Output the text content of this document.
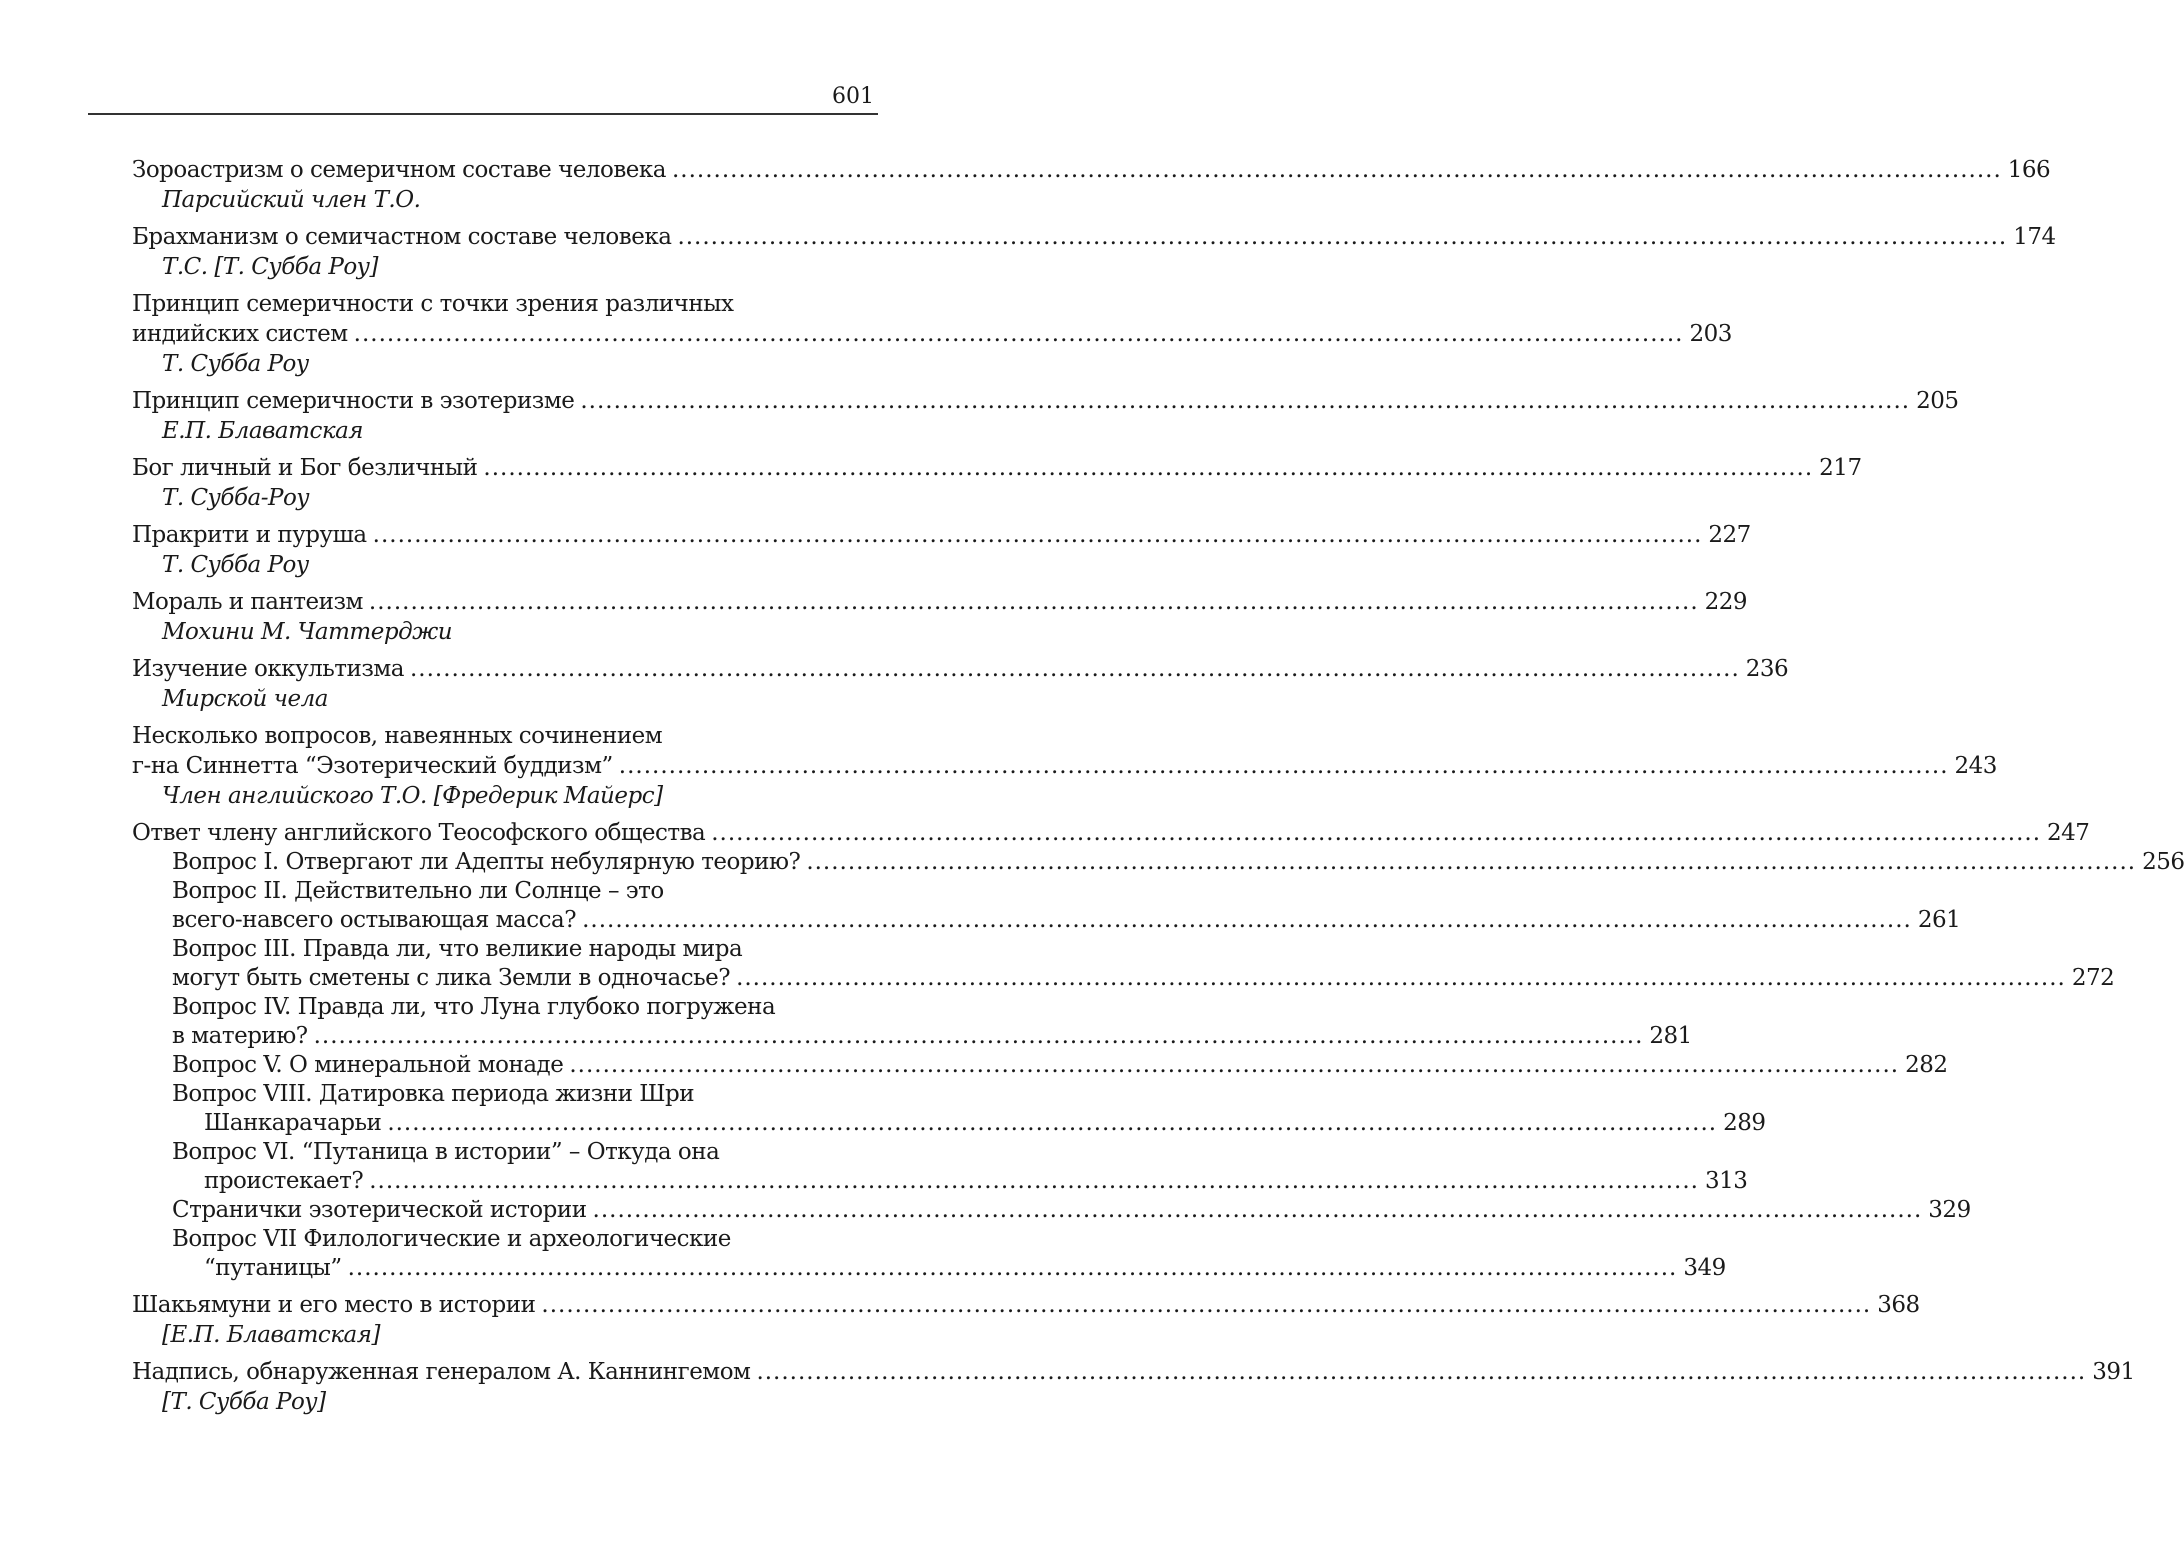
601
Зороастризм о семеричном составе человека .....	166
Парсийский член Т.О.
Брахманизм о семичастном составе человека .....	174
Т.С. [Т. Субба Роу]
Принцип семеричности с точки зрения различных
индийских систем .....	203
Т. Субба Роу
Принцип семеричности в эзотеризме .....	205
Е.П. Блаватская
Бог личный и Бог безличный .....	217
Т. Субба-Роу
Пракрити и пуруша .....	227
Т. Субба Роу
Мораль и пантеизм .....	229
Мохини М. Чаттерджи
Изучение оккультизма .....	236
Мирской чела
Несколько вопросов, навеянных сочинением
г-на Синнетта “Эзотерический буддизм” .....	243
Член английского Т.О. [Фредерик Майерс]
Ответ члену английского Теософского общества .....	247
Вопрос I. Отвергают ли Адепты небулярную теорию? .....	256
Вопрос II. Действительно ли Солнце – это
всего-навсего остывающая масса? .....	261
Вопрос III. Правда ли, что великие народы мира
могут быть сметены с лика Земли в одночасье? .....	272
Вопрос IV. Правда ли, что Луна глубоко погружена
в материю? .....	281
Вопрос V. О минеральной монаде .....	282
Вопрос VIII. Датировка периода жизни Шри
Шанкарачарьи .....	289
Вопрос VI. “Путаница в истории” – Откуда она
проистекает? .....	313
Странички эзотерической истории .....	329
Вопрос VII Филологические и археологические
“путаницы” .....	349
Шакьямуни и его место в истории .....	368
[Е.П. Блаватская]
Надпись, обнаруженная генералом А. Каннингемом .....	391
[Т. Субба Роу]
